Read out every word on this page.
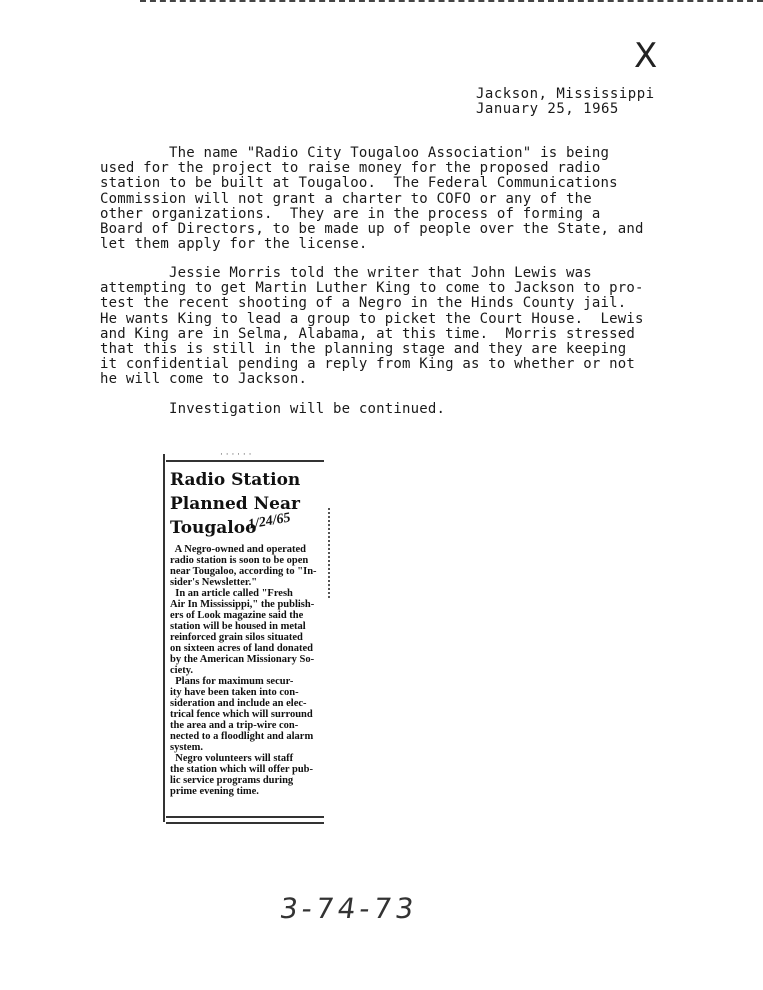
X
Jackson, Mississippi
January 25, 1965

The name "Radio City Tougaloo Association" is being
used for the project to raise money for the proposed radio
station to be built at Tougaloo.  The Federal Communications
Commission will not grant a charter to COFO or any of the
other organizations.  They are in the process of forming a
Board of Directors, to be made up of people over the State, and
let them apply for the license.

Jessie Morris told the writer that John Lewis was
attempting to get Martin Luther King to come to Jackson to pro-
test the recent shooting of a Negro in the Hinds County jail.
He wants King to lead a group to picket the Court House.  Lewis
and King are in Selma, Alabama, at this time.  Morris stressed
that this is still in the planning stage and they are keeping
it confidential pending a reply from King as to whether or not
he will come to Jackson.

Investigation will be continued.

· · · · · ·
Radio Station
Planned Near
Tougaloo
1/24/65

A Negro-owned and operated
radio station is soon to be open
near Tougaloo, according to "In-
sider's Newsletter."
In an article called "Fresh
Air In Mississippi," the publish-
ers of Look magazine said the
station will be housed in metal
reinforced grain silos situated
on sixteen acres of land donated
by the American Missionary So-
ciety.
Plans for maximum secur-
ity have been taken into con-
sideration and include an elec-
trical fence which will surround
the area and a trip-wire con-
nected to a floodlight and alarm
system.
Negro volunteers will staff
the station which will offer pub-
lic service programs during
prime evening time.

3-74-73
